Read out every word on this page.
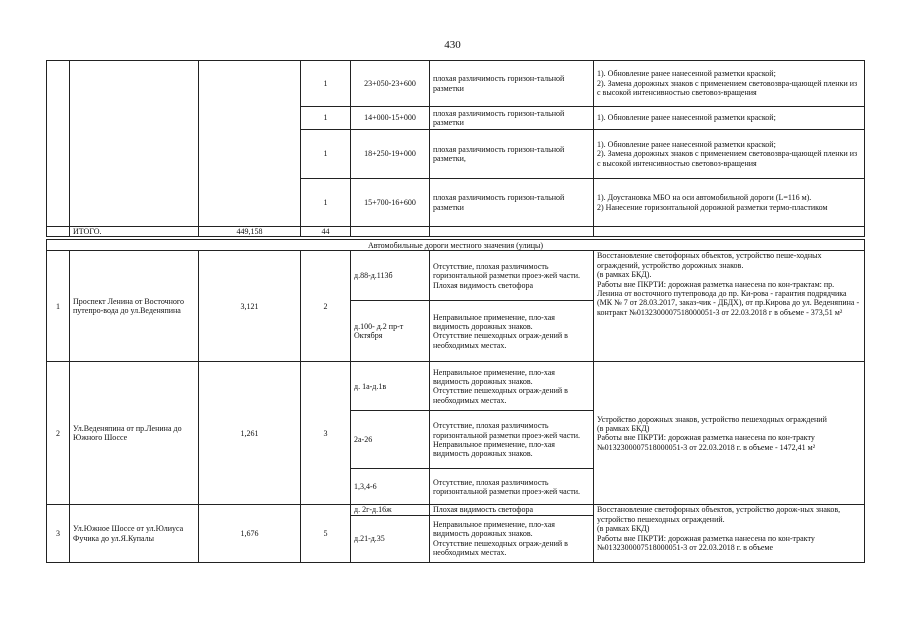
430
			1	23+050-23+600	плохая различимость горизон-тальной разметки	1). Обновление ранее нанесенной разметки краской;
2). Замена дорожных знаков с применением световозвра-щающей пленки из с высокой интенсивностью световоз-вращения
			1	14+000-15+000	плохая различимость горизон-тальной разметки	1). Обновление ранее нанесенной разметки краской;
			1	18+250-19+000	плохая различимость горизон-тальной разметки,	1). Обновление ранее нанесенной разметки краской;
2). Замена дорожных знаков с применением световозвра-щающей пленки из с высокой интенсивностью световоз-вращения
			1	15+700-16+600	плохая различимость горизон-тальной разметки	1). Доустановка МБО на оси автомобильной дороги (L=116 м).
2) Нанесение горизонтальной дорожной разметки термо-пластиком
	ИТОГО.	449,158	44			

Автомобильные дороги местного значения (улицы)						
1	Проспект Ленина от Восточного путепро-вода до ул.Веденяпина	3,121	2	д.88-д.113б	Отсутствие, плохая различимость горизонтальной разметки проез-жей части.
Плохая видимость светофора	Восстановление светофорных объектов, устройство пеше-ходных ограждений, устройство дорожных знаков.
(в рамках БКД).
Работы вне ПКРТИ: дорожная разметка нанесена по кон-трактам: пр. Ленина от восточного путепровода до пр. Ки-рова - гарантия подрядчика (МК № 7 от 28.03.2017, заказ-чик - ДБДХ), от пр.Кирова до ул. Веденяпина - контракт №0132300007518000051-3 от 22.03.2018 г в объеме - 373,51 м²
				д.100- д.2 пр-т Октября	Неправильное применение, пло-хая видимость дорожных знаков.
Отсутствие пешеходных ограж-дений в необходимых местах.	
2	Ул.Веденяпина от пр.Ленина до Южного Шоссе	1,261	3	д. 1а-д.1в	Неправильное применение, пло-хая видимость дорожных знаков.
Отсутствие пешеходных ограж-дений в необходимых местах.	Устройство дорожных знаков, устройство пешеходных ограждений
(в рамках БКД)
Работы вне ПКРТИ: дорожная разметка нанесена по кон-тракту №0132300007518000051-3 от 22.03.2018 г. в объеме - 1472,41 м²
				2а-26	Отсутствие, плохая различимость горизонтальной разметки проез-жей части.
Неправильное применение, пло-хая видимость дорожных знаков.	
				1,3,4-6	Отсутствие, плохая различимость горизонтальной разметки проез-жей части.	
3	Ул.Южное Шоссе от ул.Юлиуса Фучика до ул.Я.Купалы	1,676	5	д. 2г-д.16ж	Плохая видимость светофора	Восстановление светофорных объектов, устройство дорож-ных знаков, устройство пешеходных ограждений.
(в рамках БКД)
Работы вне ПКРТИ: дорожная разметка нанесена по кон-тракту №0132300007518000051-3 от 22.03.2018 г. в объеме
				д.21-д.35	Неправильное применение, пло-хая видимость дорожных знаков.
Отсутствие пешеходных ограж-дений в необходимых местах.	
